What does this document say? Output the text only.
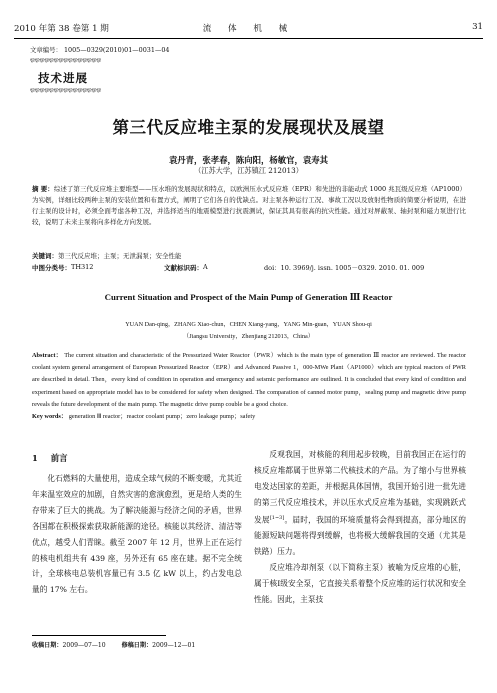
2010 年第 38 卷第 1 期	流 体 机 械	31
文章编号： 1005—0329(2010)01—0031—04
ஓஓஓஓஓஓஓஓஓஓஓஓஓஓஓ
技术进展
ஓஓஓஓஓஓஓஓஓஓஓஓஓஓஓ
第三代反应堆主泵的发展现状及展望
袁丹青，张孝春，陈向阳，杨敏官，袁寿其
（江苏大学，江苏镇江 212013）
摘 要：综述了第三代反应堆主要堆型——压水堆的发展现状和特点，以欧洲压水式反应堆（EPR）和先进的非能动式 1000 兆瓦级反应堆（AP1000）为实例，详细比较两种主泵的安装位置和布置方式，阐明了它们各自的优缺点。对主泵各种运行工况、事故工况以及放射性物质的简要分析说明，在进行主泵的设计时，必须全面考虑各种工况，并选择适当的地震模型进行抗震测试，保证其具有很高的抗灾性能。通过对屏蔽泵、轴封泵和磁力泵进行比较，说明了未来主泵将向多样化方向发展。
关键词：第三代反应堆；主泵；无泄漏泵；安全性能
中图分类号： TH312	文献标识码： A	doi：10. 3969/j. issn. 1005－0329. 2010. 01. 009
Current Situation and Prospect of the Main Pump of Generation Ⅲ Reactor
YUAN Dan-qing，ZHANG Xiao-chun，CHEN Xiang-yang，YANG Min-guan，YUAN Shou-qi
（Jiangsu University，Zhenjiang 212013，China）
Abstract： The current situation and characteristic of the Pressurized Water Reactor（PWR）which is the main type of generation Ⅲ reactor are reviewed. The reactor coolant system general arrangement of European Pressurized Reactor（EPR）and Advanced Passive 1，000-MWe Plant（AP1000）which are typical reactors of PWR are described in detail. Then，every kind of condition in operation and emergency and seismic performance are outlined. It is concluded that every kind of condition and experiment based on appropriate model has to be considered for safety when designed. The comparation of canned motor pump，sealing pump and magnetic drive pump reveals the future development of the main pump. The magnetic drive pump couble be a good choice.
Key words： generation Ⅲ reactor；reactor coolant pump；zero leakage pump；safety
1 前言

化石燃料的大量使用，造成全球气候的不断变暖，尤其近年来温室效应的加剧，自然灾害的愈演愈烈，更是给人类的生存带来了巨大的挑战。为了解决能源与经济之间的矛盾，世界各国都在积极探索获取新能源的途径。核能以其经济、清洁等优点，越受人们青睐。截至 2007 年 12 月，世界上正在运行的核电机组共有 439 座，另外还有 65 座在建。据不完全统计，全球核电总装机容量已有 3.5 亿 kW 以上，约占发电总量的 17% 左右。

反观我国，对核能的利用起步较晚，目前我国正在运行的核反应堆都属于世界第二代核技术的产品。为了缩小与世界核电发达国家的差距，并根据具体国情，我国开始引进一批先进的第三代反应堆技术，并以压水式反应堆为基础，实现跳跃式发展[1~3]。届时，我国的环境质量将会得到提高，部分地区的能源短缺问题将得到缓解，也将极大缓解我国的交通（尤其是铁路）压力。

反应堆冷却剂泵（以下简称主泵）被喻为反应堆的心脏，属于核Ⅰ级安全泵，它直接关系着整个反应堆的运行状况和安全性能。因此，主泵技

收稿日期：2009—07—10	修稿日期：2009—12—01
